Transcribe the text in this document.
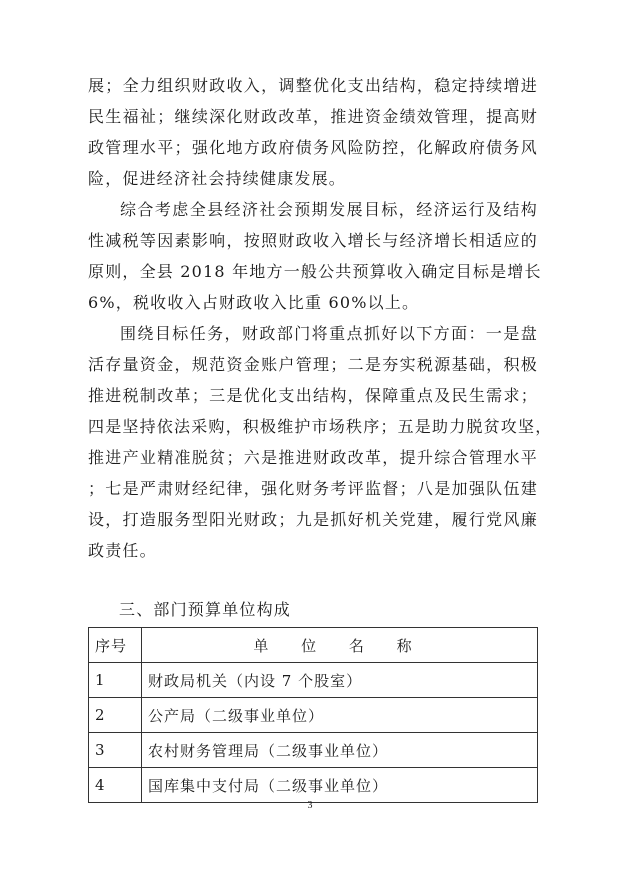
展；全力组织财政收入，调整优化支出结构，稳定持续增进
民生福祉；继续深化财政改革，推进资金绩效管理，提高财
政管理水平；强化地方政府债务风险防控，化解政府债务风
险，促进经济社会持续健康发展。
综合考虑全县经济社会预期发展目标，经济运行及结构
性减税等因素影响，按照财政收入增长与经济增长相适应的
原则，全县 2018 年地方一般公共预算收入确定目标是增长
6%，税收收入占财政收入比重 60%以上。
围绕目标任务，财政部门将重点抓好以下方面：一是盘
活存量资金，规范资金账户管理；二是夯实税源基础，积极
推进税制改革；三是优化支出结构，保障重点及民生需求；
四是坚持依法采购，积极维护市场秩序；五是助力脱贫攻坚，
推进产业精准脱贫；六是推进财政改革，提升综合管理水平
；七是严肃财经纪律，强化财务考评监督；八是加强队伍建
设，打造服务型阳光财政；九是抓好机关党建，履行党风廉
政责任。
三、部门预算单位构成
序号	单 位 名 称
1	财政局机关（内设 7 个股室）
2	公产局（二级事业单位）
3	农村财务管理局（二级事业单位）
4	国库集中支付局（二级事业单位）
3
